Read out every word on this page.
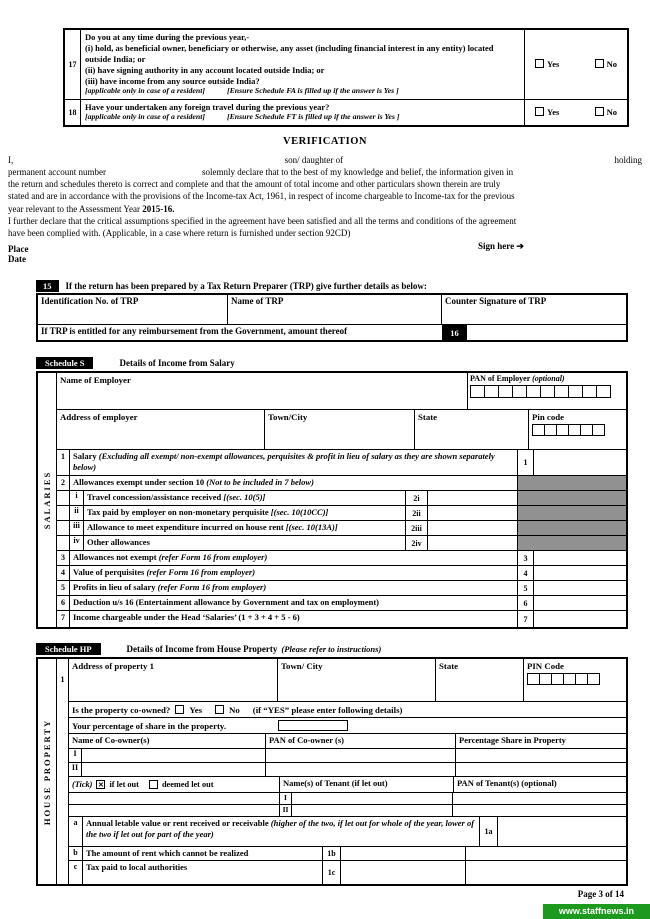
17
Do you at any time during the previous year,-
(i) hold, as beneficial owner, beneficiary or otherwise, any asset (including financial interest in any entity) located outside India; or
(ii) have signing authority in any account located outside India; or
(iii) have income from any source outside India?
[applicable only in case of a resident]	[Ensure Schedule FA is filled up if the answer is Yes ]
Yes	No
18
Have your undertaken any foreign travel during the previous year?
[applicable only in case of a resident]	[Ensure Schedule FT is filled up if the answer is Yes ]	Yes	No
VERIFICATION
I,	son/ daughter of	holding
permanent account number	solemnly declare that to the best of my knowledge and belief, the information given in
the return and schedules thereto is correct and complete and that the amount of total income and other particulars shown therein are truly
stated and are in accordance with the provisions of the Income-tax Act, 1961, in respect of income chargeable to Income-tax for the previous
year relevant to the Assessment Year 2015-16.
I further declare that the critical assumptions specified in the agreement have been satisfied and all the terms and conditions of the agreement
have been complied with. (Applicable, in a case where return is furnished under section 92CD)
Place	Sign here ➔
Date
15	If the return has been prepared by a Tax Return Preparer (TRP) give further details as below:
Identification No. of TRP	Name of TRP	Counter Signature of TRP
If TRP is entitled for any reimbursement from the Government, amount thereof	16
Schedule S	Details of Income from Salary
SALARIES
Name of Employer	PAN of Employer (optional)
Address of employer	Town/City	State	Pin code
1 Salary (Excluding all exempt/ non-exempt allowances, perquisites & profit in lieu of salary as they are shown separately below)	1
2 Allowances exempt under section 10 (Not to be included in 7 below)
i	Travel concession/assistance received [(sec. 10(5)]	2i
ii Tax paid by employer on non-monetary perquisite [(sec. 10(10CC)]	2ii
iii Allowance to meet expenditure incurred on house rent [(sec. 10(13A)]	2iii
iv Other allowances	2iv
3 Allowances not exempt (refer Form 16 from employer)	3
4 Value of perquisites (refer Form 16 from employer)	4
5 Profits in lieu of salary (refer Form 16 from employer)	5
6 Deduction u/s 16 (Entertainment allowance by Government and tax on employment)	6
7 Income chargeable under the Head ‘Salaries’ (1 + 3 + 4 + 5 - 6)	7
Schedule HP	Details of Income from House Property (Please refer to instructions)
HOUSE PROPERTY
1
Address of property 1	Town/ City	State	PIN Code
Is the property co-owned? Yes	No (if “YES” please enter following details)
Your percentage of share in the property.
Name of Co-owner(s)	PAN of Co-owner (s)	Percentage Share in Property
I
II
(Tick) ✕ if let out	deemed let out	Name(s) of Tenant (if let out)	PAN of Tenant(s) (optional)
I
II
a	Annual letable value or rent received or receivable (higher of the two, if let out for whole of the year, lower of the two if let out for part of the year)	1a
b The amount of rent which cannot be realized	1b
c	Tax paid to local authorities
1c
Page 3 of 14
www.staffnews.in
